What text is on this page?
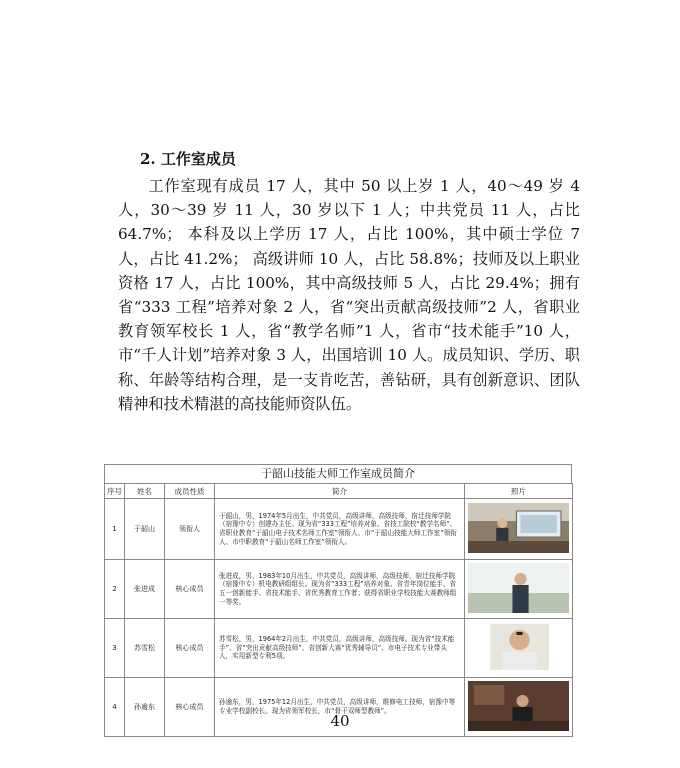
2. 工作室成员

工作室现有成员 17 人，其中 50 以上岁 1 人，40～49 岁 4 人，30～39 岁 11 人，30 岁以下 1 人；中共党员 11 人，占比 64.7%； 本科及以上学历 17 人，占比 100%，其中硕士学位 7 人，占比 41.2%； 高级讲师 10 人，占比 58.8%；技师及以上职业资格 17 人，占比 100%，其中高级技师 5 人，占比 29.4%；拥有省“333 工程”培养对象 2 人，省“突出贡献高级技师”2 人，省职业教育领军校长 1 人，省“教学名师”1 人，省市“技术能手”10 人，市“千人计划”培养对象 3 人，出国培训 10 人。成员知识、学历、职称、年龄等结构合理，是一支肯吃苦，善钻研，具有创新意识、团队精神和技术精湛的高技能师资队伍。

于韶山技能大师工作室成员简介
序号	姓名	成员性质	简介	照片
1	于韶山	领衔人	于韶山，男，1974年5月出生，中共党员，高级讲师，高级技师，宿迁技师学院（宿豫中专）创建办主任。现为省“333工程”培养对象、省技工院校“教学名师”、省职业教育“于韶山电子技术名师工作室”领衔人、市“于韶山技能大师工作室”领衔人、市中职教育“于韶山名师工作室”领衔人。	
2	张进成	核心成员	张进成，男，1983年10月出生，中共党员，高级讲师，高级技师，宿迁技师学院（宿豫中专）机电教研组组长。现为省“333工程”培养对象、省青年岗位能手、省五一创新能手、省技术能手、省优秀教育工作者；获得省职业学校技能大赛教师组一等奖。	
3	苏雪松	核心成员	苏雪松，男，1964年2月出生，中共党员，高级讲师，高级技师。现为省“技术能手”、省“突出贡献高级技师”、省创新大赛“优秀辅导员”、市电子技术专业带头人，实用新型专利5项。	
4	孙逾东	核心成员	孙逾东，男，1975年12月出生，中共党员，高级讲师，维修电工技师，宿豫中等专业学校副校长。现为省领军校长，市“骨干双师型教师”。	
40
